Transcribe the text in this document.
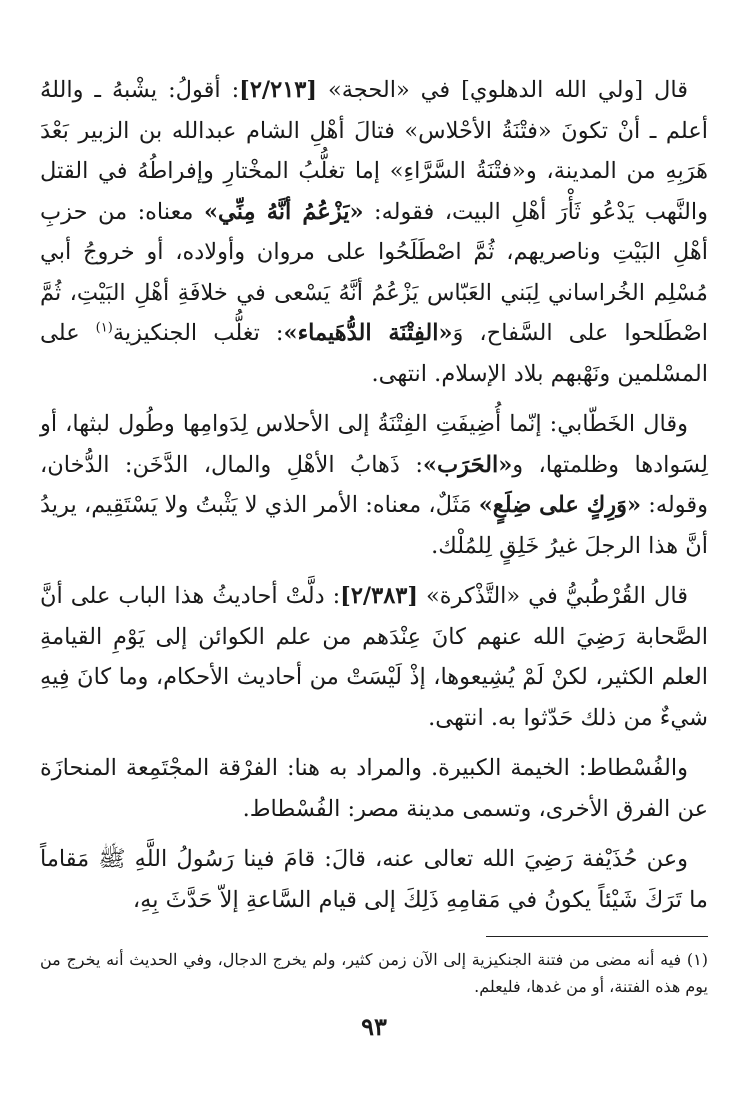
قال [ولي الله الدهلوي] في «الحجة» [٢/٢١٣]: أقولُ: يشْبهُ ـ واللهُ أعلم ـ أنْ تكونَ «فتْنَةُ الأحْلاس» فتالَ أهْلِ الشام عبدالله بن الزبير بَعْدَ هَرَبِهِ من المدينة، و«فتْنَةُ السَّرَّاءِ» إما تغلُّبُ المخْتارِ وإفراطُهُ في القتل والنَّهب يَدْعُو ثَأْرَ أهْلِ البيت، فقوله: «يَزْعُمُ أنَّهُ مِنِّي» معناه: من حزبِ أهْلِ البَيْتِ وناصريهم، ثُمَّ اصْطَلَحُوا على مروان وأولاده، أو خروجُ أبي مُسْلِم الخُراساني لِبَني العَبّاس يَزْعُمُ أنَّهُ يَسْعى في خلافَةِ أهْلِ البَيْتِ، ثُمَّ اصْطَلحوا على السَّفاح، وَ«الفِتْنَة الدُّهَيماء»: تغلُّب الجنكيزية$^{(١)}$ على المسْلمين ونَهْبهم بلاد الإسلام. انتهى.

وقال الخَطّابي: إنّما أُضِيفَتِ الفِتْنَةُ إلى الأحلاس لِدَوامِها وطُول لبثها، أو لِسَوادها وظلمتها، و«الحَرَب»: ذَهابُ الأهْلِ والمال، الدَّخَن: الدُّخان، وقوله: «وَرِكٍ على ضِلَعٍ» مَثَلٌ، معناه: الأمر الذي لا يَثْبتُ ولا يَسْتَقِيم، يريدُ أنَّ هذا الرجلَ غيرُ خَلِقٍ لِلمُلْك.

قال القُرْطُبيُّ في «التَّذْكرة» [٢/٣٨٣]: دلَّتْ أحاديثُ هذا الباب على أنَّ الصَّحابة رَضِيَ الله عنهم كانَ عِنْدَهم من علم الكوائن إلى يَوْمِ القيامةِ العلم الكثير، لكنْ لَمْ يُشِيعوها، إذْ لَيْسَتْ من أحاديث الأحكام، وما كانَ فِيهِ شيءٌ من ذلك حَدّثوا به. انتهى.

والفُسْطاط: الخيمة الكبيرة. والمراد به هنا: الفرْقة المجْتَمِعة المنحازَة عن الفرق الأخرى، وتسمى مدينة مصر: الفُسْطاط.

وعن حُذَيْفة رَضِيَ الله تعالى عنه، قالَ: قامَ فينا رَسُولُ اللَّهِ ﷺ مَقاماً ما تَرَكَ شَيْئاً يكونُ في مَقامِهِ ذَلِكَ إلى قيام السَّاعةِ إلاّ حَدَّثَ بِهِ،

(١) فيه أنه مضى من فتنة الجنكيزية إلى الآن زمن كثير، ولم يخرج الدجال، وفي الحديث أنه يخرج من يوم هذه الفتنة، أو من غدها، فليعلم.
٩٣
